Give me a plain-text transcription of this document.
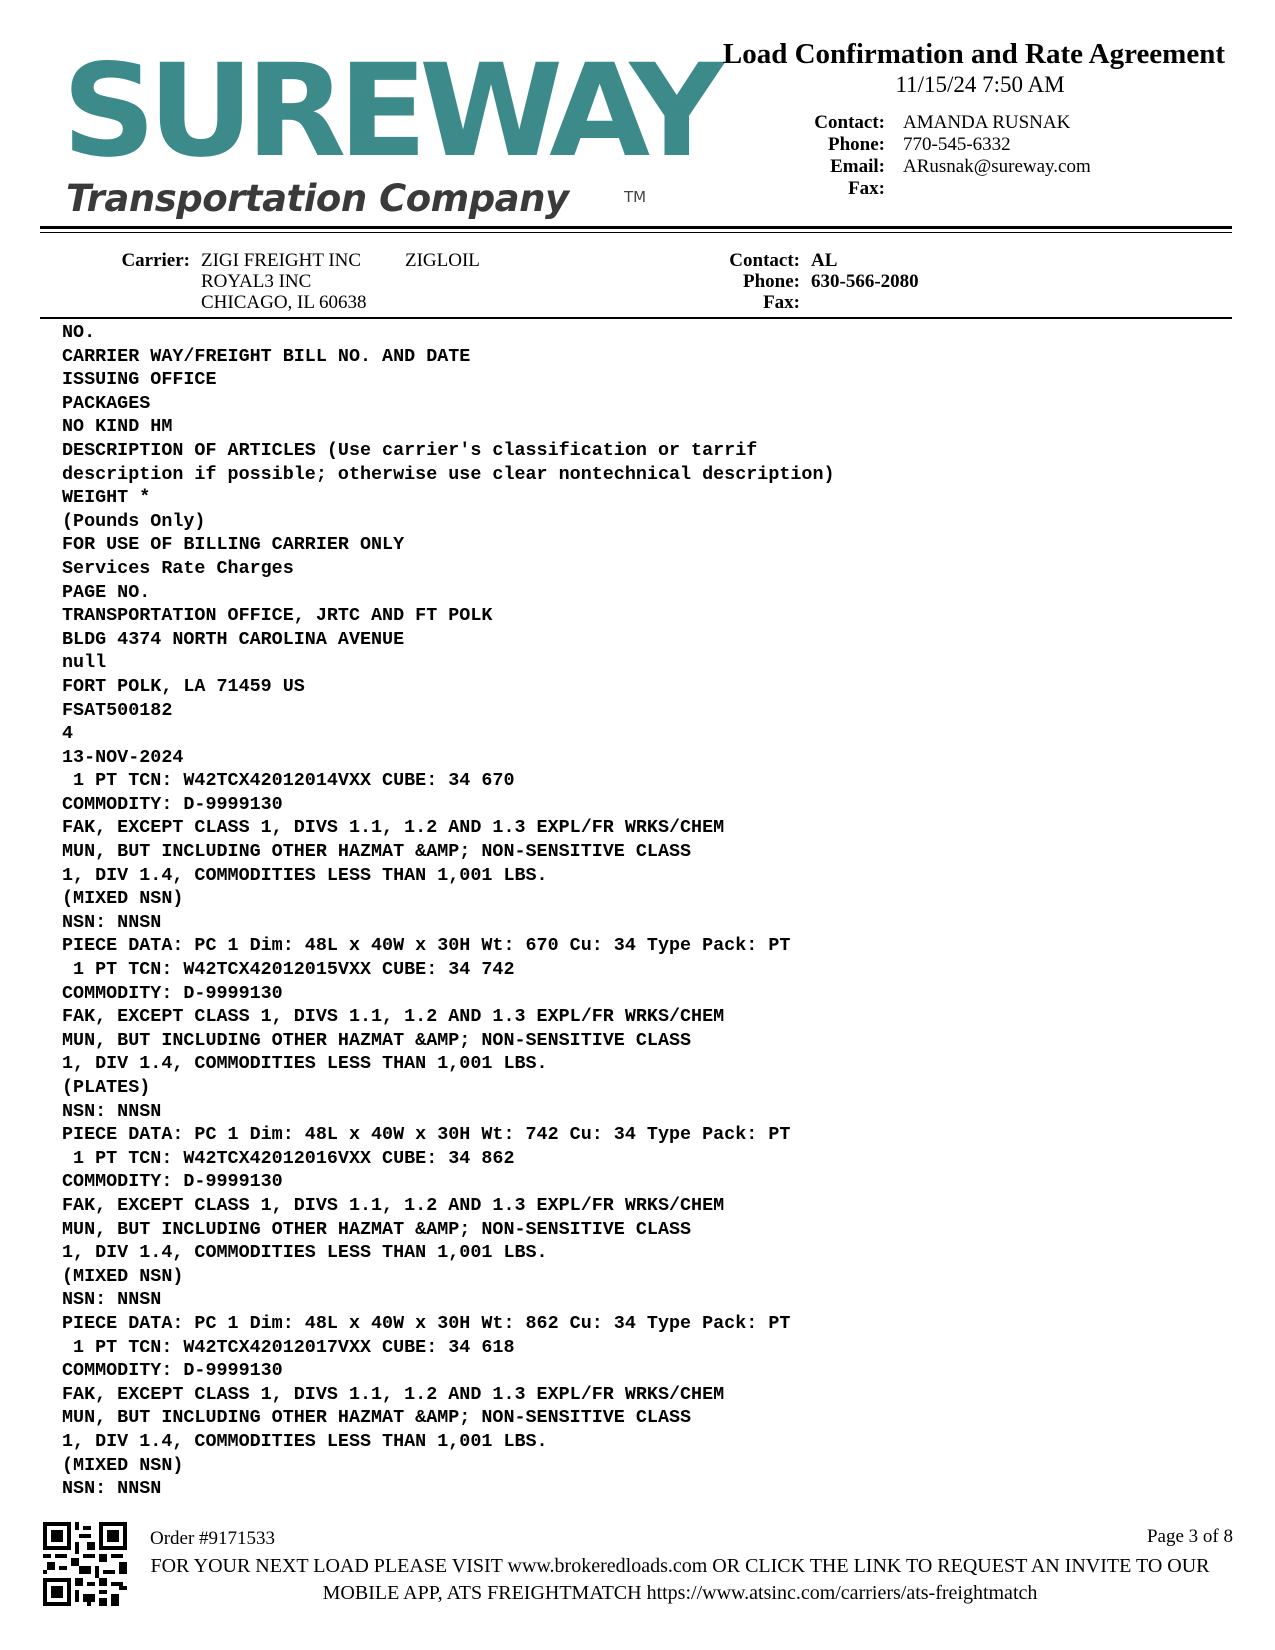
SUREWAY
Transportation Company	TM
Load Confirmation and Rate Agreement
11/15/24 7:50 AM
Contact: AMANDA RUSNAK
Phone: 770-545-6332
Email: ARusnak@sureway.com
Fax:
Carrier: ZIGI FREIGHT INC ZIGLOIL
ROYAL3 INC
CHICAGO, IL 60638
Contact: AL
Phone: 630-566-2080
Fax:
NO.
CARRIER WAY/FREIGHT BILL NO. AND DATE
ISSUING OFFICE
PACKAGES
NO KIND HM
DESCRIPTION OF ARTICLES (Use carrier's classification or tarrif
description if possible; otherwise use clear nontechnical description)
WEIGHT *
(Pounds Only)
FOR USE OF BILLING CARRIER ONLY
Services Rate Charges
PAGE NO.
TRANSPORTATION OFFICE, JRTC AND FT POLK
BLDG 4374 NORTH CAROLINA AVENUE
null
FORT POLK, LA 71459 US
FSAT500182
4
13-NOV-2024
1 PT TCN: W42TCX42012014VXX CUBE: 34 670
COMMODITY: D-9999130
FAK, EXCEPT CLASS 1, DIVS 1.1, 1.2 AND 1.3 EXPL/FR WRKS/CHEM
MUN, BUT INCLUDING OTHER HAZMAT &AMP; NON-SENSITIVE CLASS
1, DIV 1.4, COMMODITIES LESS THAN 1,001 LBS.
(MIXED NSN)
NSN: NNSN
PIECE DATA: PC 1 Dim: 48L x 40W x 30H Wt: 670 Cu: 34 Type Pack: PT
1 PT TCN: W42TCX42012015VXX CUBE: 34 742
COMMODITY: D-9999130
FAK, EXCEPT CLASS 1, DIVS 1.1, 1.2 AND 1.3 EXPL/FR WRKS/CHEM
MUN, BUT INCLUDING OTHER HAZMAT &AMP; NON-SENSITIVE CLASS
1, DIV 1.4, COMMODITIES LESS THAN 1,001 LBS.
(PLATES)
NSN: NNSN
PIECE DATA: PC 1 Dim: 48L x 40W x 30H Wt: 742 Cu: 34 Type Pack: PT
1 PT TCN: W42TCX42012016VXX CUBE: 34 862
COMMODITY: D-9999130
FAK, EXCEPT CLASS 1, DIVS 1.1, 1.2 AND 1.3 EXPL/FR WRKS/CHEM
MUN, BUT INCLUDING OTHER HAZMAT &AMP; NON-SENSITIVE CLASS
1, DIV 1.4, COMMODITIES LESS THAN 1,001 LBS.
(MIXED NSN)
NSN: NNSN
PIECE DATA: PC 1 Dim: 48L x 40W x 30H Wt: 862 Cu: 34 Type Pack: PT
1 PT TCN: W42TCX42012017VXX CUBE: 34 618
COMMODITY: D-9999130
FAK, EXCEPT CLASS 1, DIVS 1.1, 1.2 AND 1.3 EXPL/FR WRKS/CHEM
MUN, BUT INCLUDING OTHER HAZMAT &AMP; NON-SENSITIVE CLASS
1, DIV 1.4, COMMODITIES LESS THAN 1,001 LBS.
(MIXED NSN)
NSN: NNSN
Order #9171533	Page 3 of 8
FOR YOUR NEXT LOAD PLEASE VISIT www.brokeredloads.com OR CLICK THE LINK TO REQUEST AN INVITE TO OUR MOBILE APP, ATS FREIGHTMATCH https://www.atsinc.com/carriers/ats-freightmatch
